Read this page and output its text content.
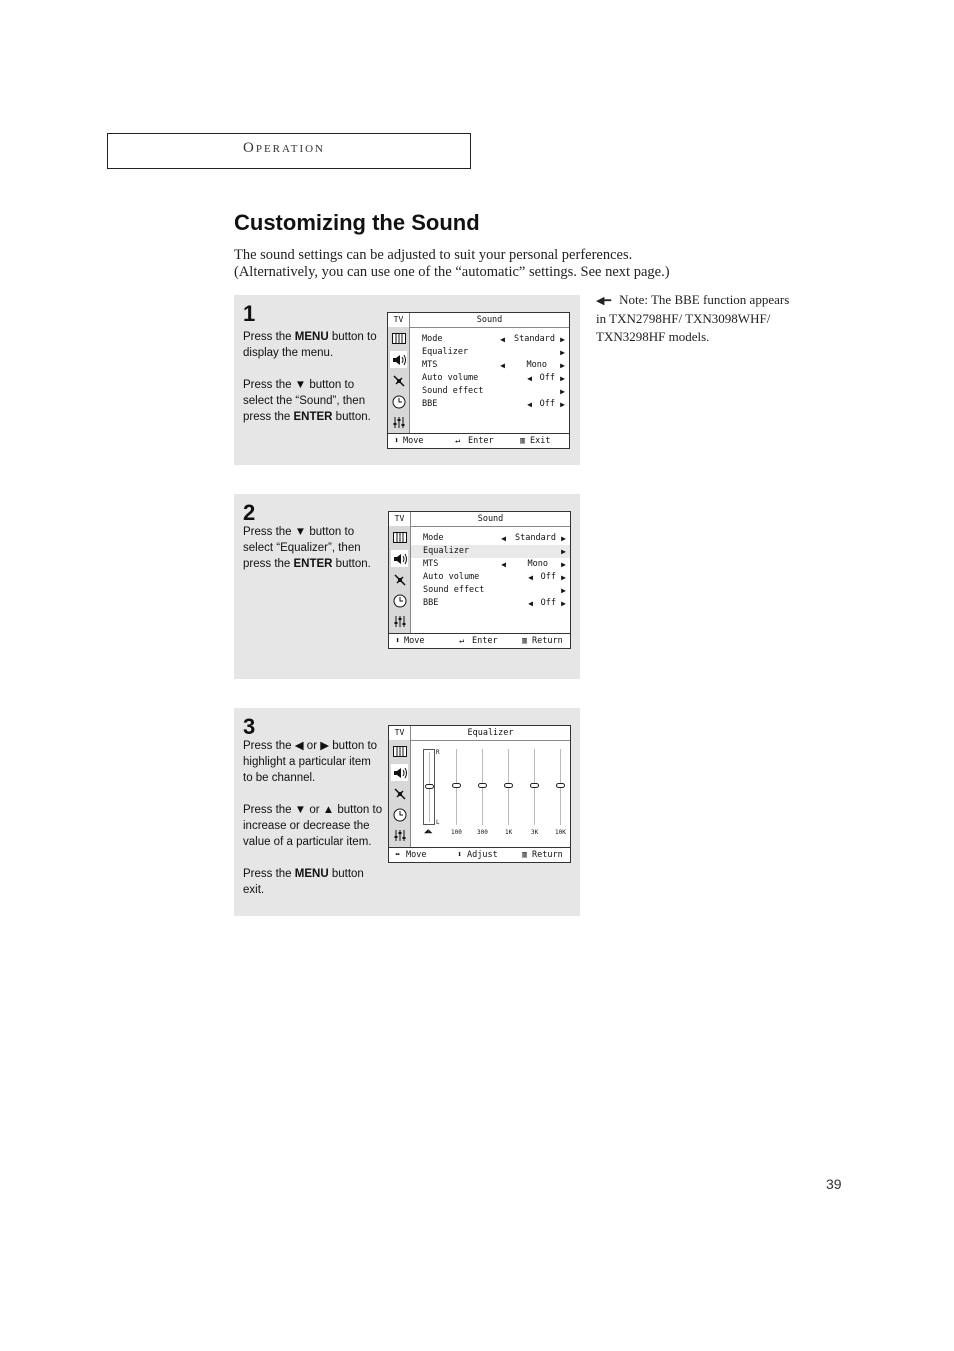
Operation
Customizing the Sound
The sound settings can be adjusted to suit your personal perferences.
(Alternatively, you can use one of the “automatic” settings. See next page.)
1

Press the MENU button to display the menu.

Press the ▼ button to select the “Sound”, then press the ENTER button.

TV	Sound
Mode	◀ Standard ▶
Equalizer	▶
MTS	◀	Mono ▶
Auto volume	◀ Off ▶
Sound effect	▶
BBE	◀ Off ▶
⬍ Move	↵ Enter	▥ Exit
2

Press the ▼ button to select “Equalizer”, then press the ENTER button.

TV	Sound
Mode	◀ Standard ▶
Equalizer	▶
MTS	◀	Mono ▶
Auto volume	◀ Off ▶
Sound effect	▶
BBE	◀ Off ▶
⬍ Move	↵ Enter	▥ Return
3

Press the ◀ or ▶ button to highlight a particular item to be channel.

Press the ▼ or ▲ button to increase or decrease the value of a particular item.

Press the MENU button exit.

TV	Equalizer
R
L
◢◣	100	300	1K	3K	10K
⬌ Move	⬍ Adjust	▥ Return
◀━ Note: The BBE function appears
in TXN2798HF/ TXN3098WHF/
TXN3298HF models.
39
